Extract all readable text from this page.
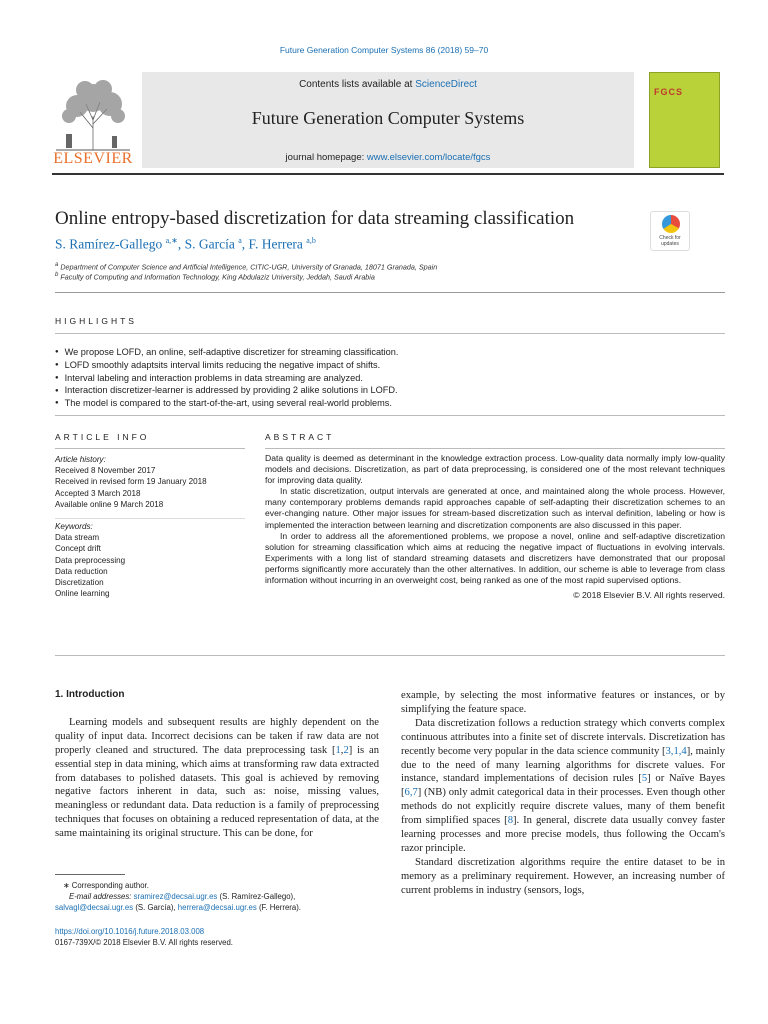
Future Generation Computer Systems 86 (2018) 59–70
ELSEVIER
Contents lists available at ScienceDirect
Future Generation Computer Systems
journal homepage: www.elsevier.com/locate/fgcs
FGCS
Online entropy-based discretization for data streaming classification
Check for
updates
S. Ramírez-Gallego $^{a,∗}$, S. García $^a$, F. Herrera $^{a,b}$
$^a$ Department of Computer Science and Artificial Intelligence, CITIC-UGR, University of Granada, 18071 Granada, Spain
$^b$ Faculty of Computing and Information Technology, King Abdulaziz University, Jeddah, Saudi Arabia
HIGHLIGHTS
● We propose LOFD, an online, self-adaptive discretizer for streaming classification.
● LOFD smoothly adaptsits interval limits reducing the negative impact of shifts.
● Interval labeling and interaction problems in data streaming are analyzed.
● Interaction discretizer-learner is addressed by providing 2 alike solutions in LOFD.
● The model is compared to the start-of-the-art, using several real-world problems.
ARTICLE INFO	ABSTRACT
Article history:
Received 8 November 2017
Received in revised form 19 January 2018
Accepted 3 March 2018
Available online 9 March 2018
Keywords:
Data stream
Concept drift
Data preprocessing
Data reduction
Discretization
Online learning

Data quality is deemed as determinant in the knowledge extraction process. Low-quality data normally imply low-quality models and decisions. Discretization, as part of data preprocessing, is considered one of the most relevant techniques for improving data quality.

In static discretization, output intervals are generated at once, and maintained along the whole process. However, many contemporary problems demands rapid approaches capable of self-adapting their discretization schemes to an ever-changing nature. Other major issues for stream-based discretization such as interval definition, labeling or how is implemented the interaction between learning and discretization components are also discussed in this paper.

In order to address all the aforementioned problems, we propose a novel, online and self-adaptive discretization solution for streaming classification which aims at reducing the negative impact of fluctuations in evolving intervals. Experiments with a long list of standard streaming datasets and discretizers have demonstrated that our proposal performs significantly more accurately than the other alternatives. In addition, our scheme is able to leverage from class information without incurring in an overweight cost, being ranked as one of the most rapid supervised options.

© 2018 Elsevier B.V. All rights reserved.
1. Introduction

Learning models and subsequent results are highly dependent on the quality of input data. Incorrect decisions can be taken if raw data are not properly cleaned and structured. The data preprocessing task [1,2] is an essential step in data mining, which aims at transforming raw data extracted from databases to polished datasets. This goal is achieved by removing negative factors inherent in data, such as: noise, missing values, meaningless or redundant data. Data reduction is a family of preprocessing techniques that focuses on obtaining a reduced representation of data, at the same maintaining its original structure. This can be done, for

example, by selecting the most informative features or instances, or by simplifying the feature space.

Data discretization follows a reduction strategy which converts complex continuous attributes into a finite set of discrete intervals. Discretization has recently become very popular in the data science community [3,1,4], mainly due to the need of many learning algorithms for discrete values. For instance, standard implementations of decision rules [5] or Naïve Bayes [6,7] (NB) only admit categorical data in their processes. Even though other methods do not explicitly require discrete values, many of them benefit from simplified spaces [8]. In general, discrete data usually convey faster learning processes and more precise models, thus following the Occam's razor principle.

Standard discretization algorithms require the entire dataset to be in memory as a preliminary requirement. However, an increasing number of current problems in industry (sensors, logs,

∗ Corresponding author.
E-mail addresses: sramirez@decsai.ugr.es (S. Ramírez-Gallego),
salvagl@decsai.ugr.es (S. García), herrera@decsai.ugr.es (F. Herrera).
https://doi.org/10.1016/j.future.2018.03.008
0167-739X/© 2018 Elsevier B.V. All rights reserved.
